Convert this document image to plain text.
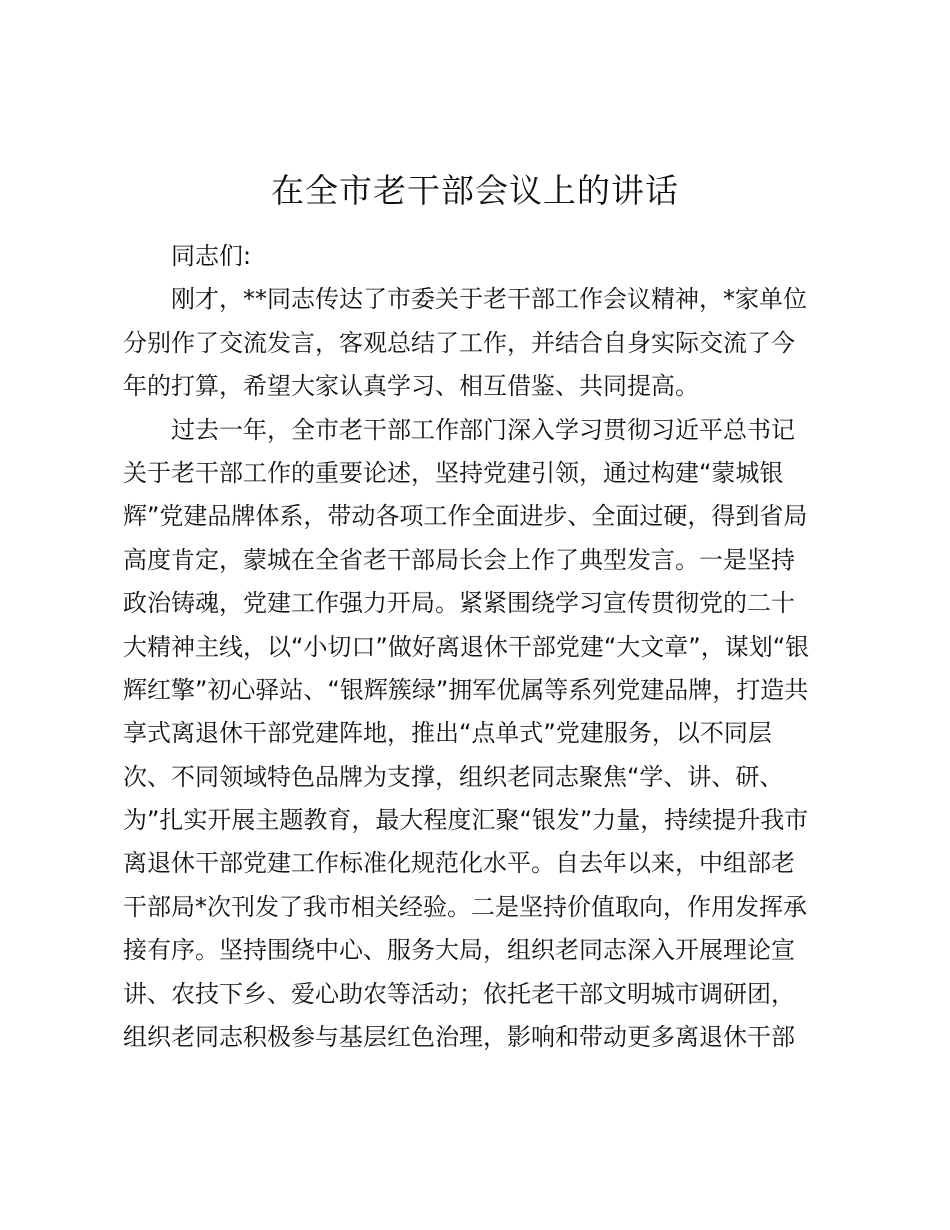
在全市老干部会议上的讲话
同志们:
刚才，**同志传达了市委关于老干部工作会议精神，*家单位
分别作了交流发言，客观总结了工作，并结合自身实际交流了今
年的打算，希望大家认真学习、相互借鉴、共同提高。
过去一年，全市老干部工作部门深入学习贯彻习近平总书记
关于老干部工作的重要论述，坚持党建引领，通过构建“蒙城银
辉”党建品牌体系，带动各项工作全面进步、全面过硬，得到省局
高度肯定，蒙城在全省老干部局长会上作了典型发言。一是坚持
政治铸魂，党建工作强力开局。紧紧围绕学习宣传贯彻党的二十
大精神主线，以“小切口”做好离退休干部党建“大文章”，谋划“银
辉红擎”初心驿站、“银辉簇绿”拥军优属等系列党建品牌，打造共
享式离退休干部党建阵地，推出“点单式”党建服务，以不同层
次、不同领域特色品牌为支撑，组织老同志聚焦“学、讲、研、
为”扎实开展主题教育，最大程度汇聚“银发”力量，持续提升我市
离退休干部党建工作标准化规范化水平。自去年以来，中组部老
干部局*次刊发了我市相关经验。二是坚持价值取向，作用发挥承
接有序。坚持围绕中心、服务大局，组织老同志深入开展理论宣
讲、农技下乡、爱心助农等活动；依托老干部文明城市调研团，
组织老同志积极参与基层红色治理，影响和带动更多离退休干部
